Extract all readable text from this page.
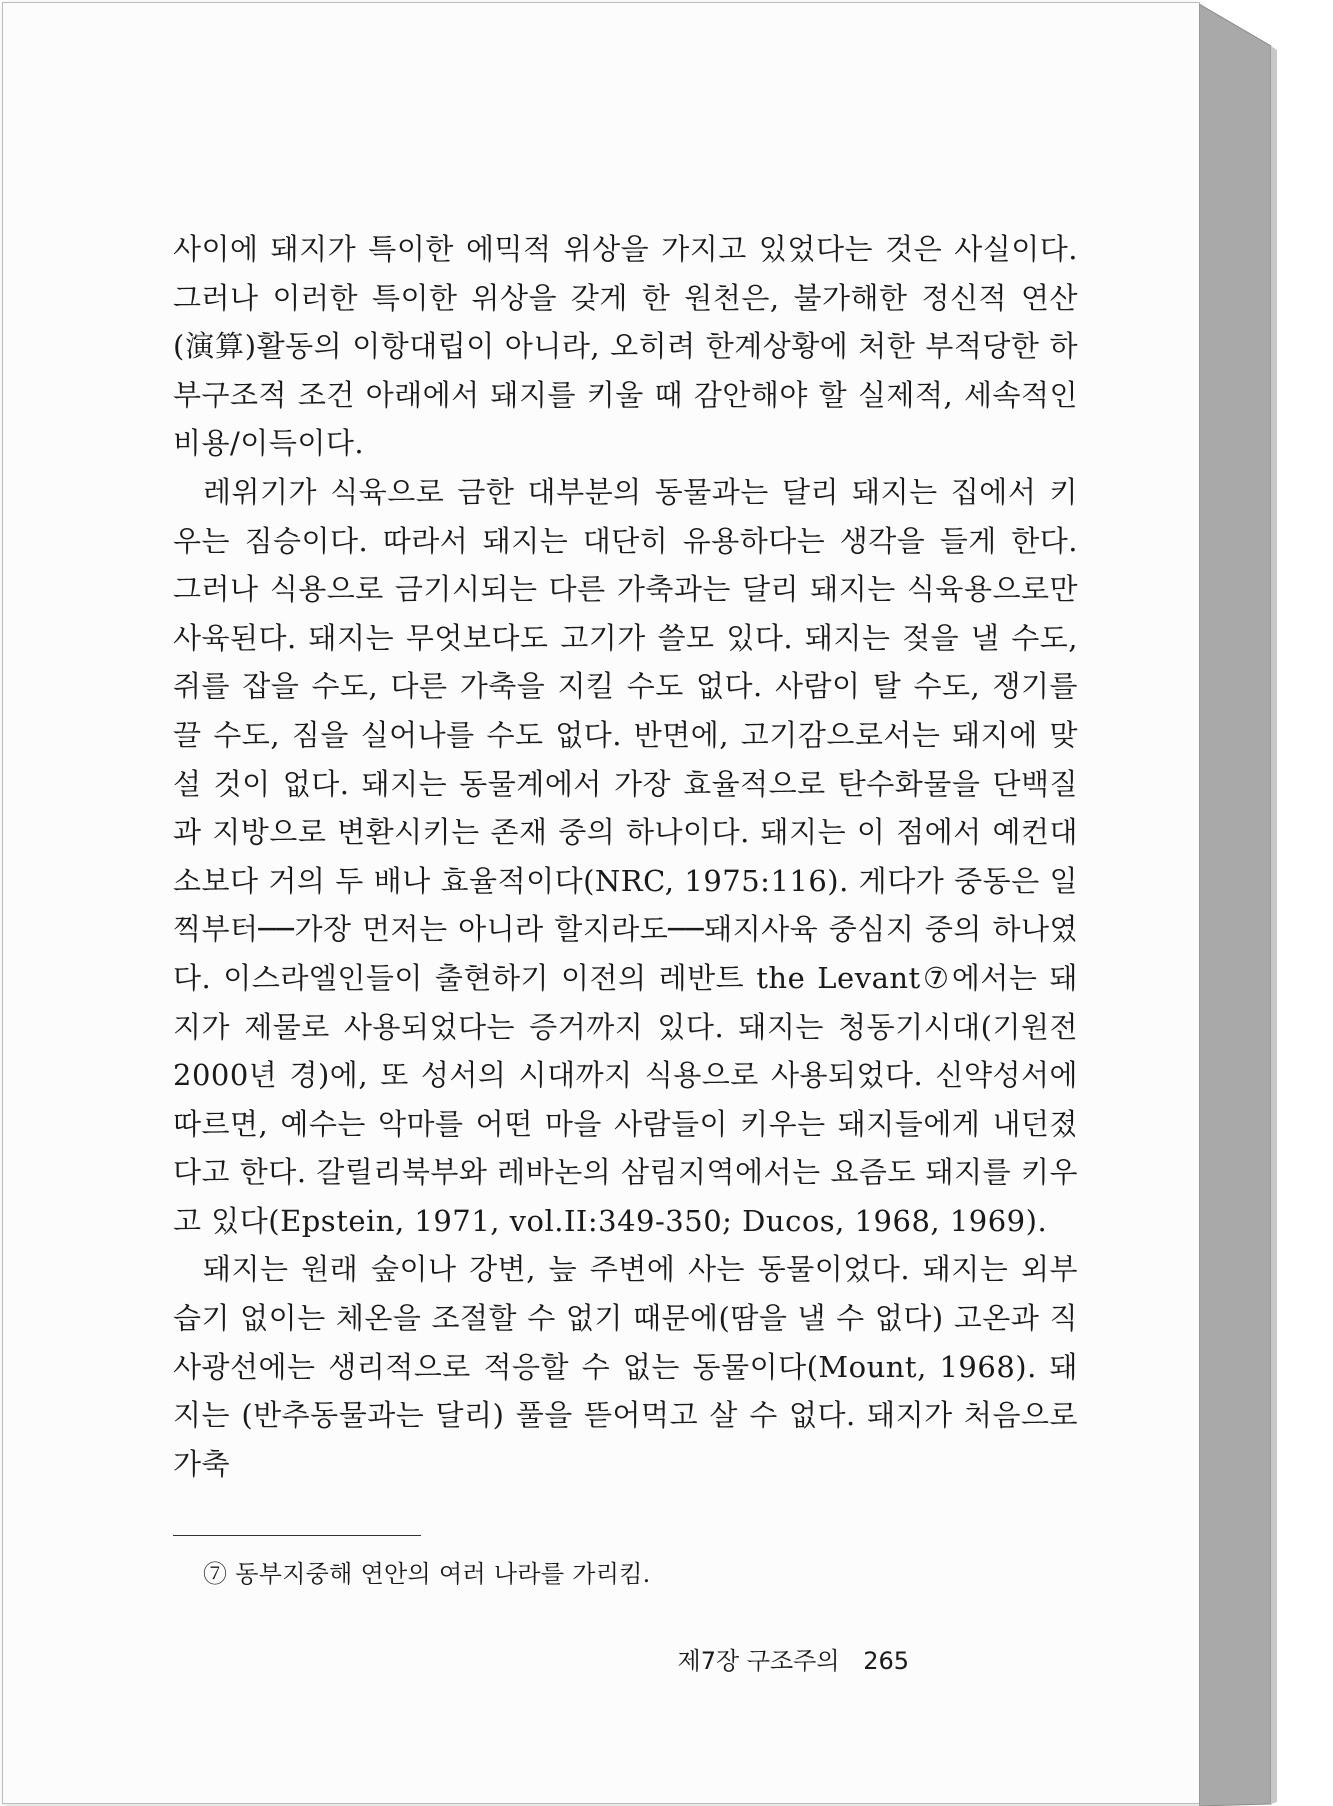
사이에 돼지가 특이한 에믹적 위상을 가지고 있었다는 것은 사실이다. 그러나 이러한 특이한 위상을 갖게 한 원천은, 불가해한 정신적 연산(演算)활동의 이항대립이 아니라, 오히려 한계상황에 처한 부적당한 하부구조적 조건 아래에서 돼지를 키울 때 감안해야 할 실제적, 세속적인 비용/이득이다.

레위기가 식육으로 금한 대부분의 동물과는 달리 돼지는 집에서 키우는 짐승이다. 따라서 돼지는 대단히 유용하다는 생각을 들게 한다. 그러나 식용으로 금기시되는 다른 가축과는 달리 돼지는 식육용으로만 사육된다. 돼지는 무엇보다도 고기가 쓸모 있다. 돼지는 젖을 낼 수도, 쥐를 잡을 수도, 다른 가축을 지킬 수도 없다. 사람이 탈 수도, 쟁기를 끌 수도, 짐을 실어나를 수도 없다. 반면에, 고기감으로서는 돼지에 맞설 것이 없다. 돼지는 동물계에서 가장 효율적으로 탄수화물을 단백질과 지방으로 변환시키는 존재 중의 하나이다. 돼지는 이 점에서 예컨대 소보다 거의 두 배나 효율적이다(NRC, 1975:116). 게다가 중동은 일찍부터──가장 먼저는 아니라 할지라도──돼지사육 중심지 중의 하나였다. 이스라엘인들이 출현하기 이전의 레반트 the Levant⑦에서는 돼지가 제물로 사용되었다는 증거까지 있다. 돼지는 청동기시대(기원전 2000년 경)에, 또 성서의 시대까지 식용으로 사용되었다. 신약성서에 따르면, 예수는 악마를 어떤 마을 사람들이 키우는 돼지들에게 내던졌다고 한다. 갈릴리북부와 레바논의 삼림지역에서는 요즘도 돼지를 키우고 있다(Epstein, 1971, vol.II:349-350; Ducos, 1968, 1969).

돼지는 원래 숲이나 강변, 늪 주변에 사는 동물이었다. 돼지는 외부 습기 없이는 체온을 조절할 수 없기 때문에(땀을 낼 수 없다) 고온과 직사광선에는 생리적으로 적응할 수 없는 동물이다(Mount, 1968). 돼지는 (반추동물과는 달리) 풀을 뜯어먹고 살 수 없다. 돼지가 처음으로 가축

⑦ 동부지중해 연안의 여러 나라를 가리킴.
제7장 구조주의 265
